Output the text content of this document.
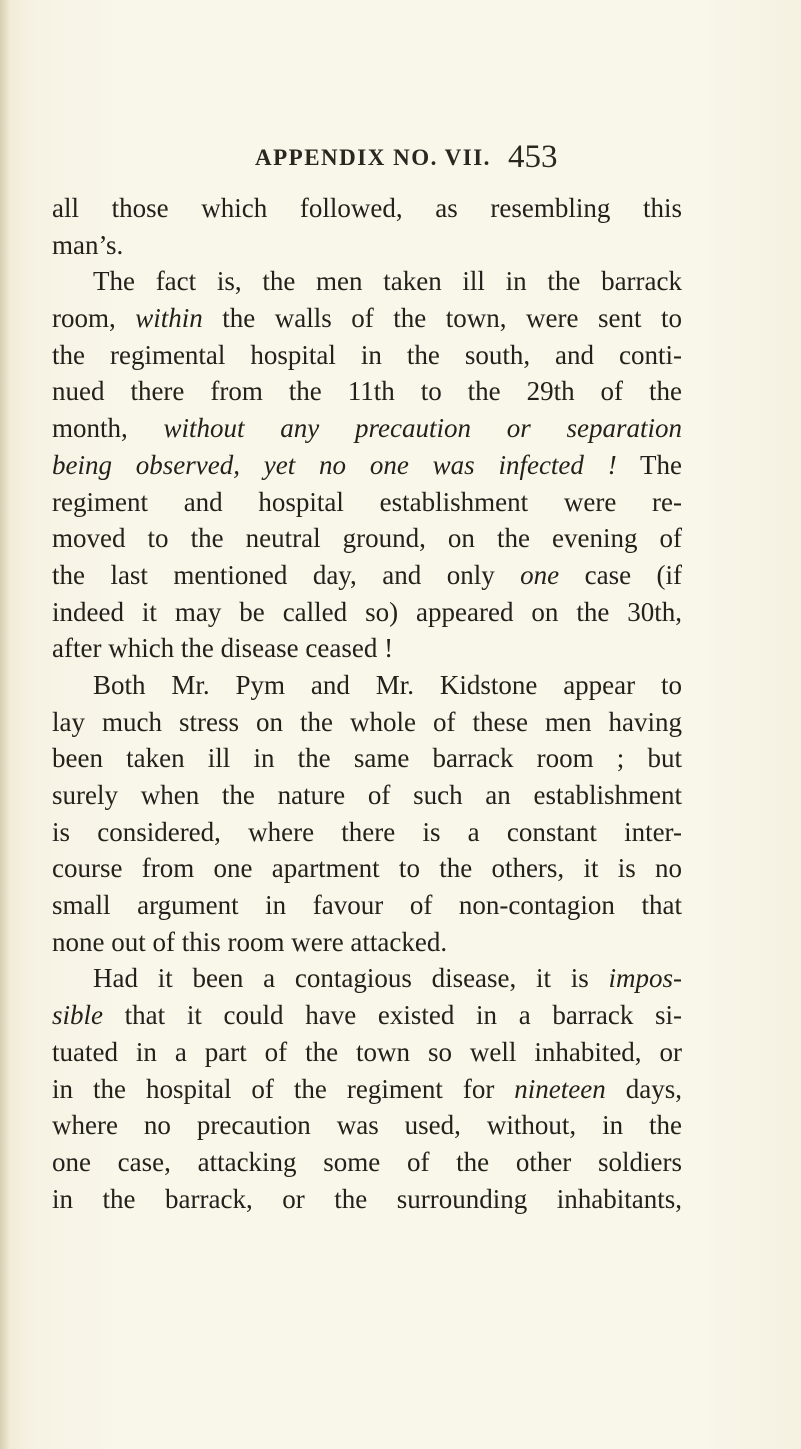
APPENDIX NO. VII. 453
all those which followed, as resembling this
man’s.
The fact is, the men taken ill in the barrack
room, within the walls of the town, were sent to
the regimental hospital in the south, and conti-
nued there from the 11th to the 29th of the
month, without any precaution or separation
being observed, yet no one was infected ! The
regiment and hospital establishment were re-
moved to the neutral ground, on the evening of
the last mentioned day, and only one case (if
indeed it may be called so) appeared on the 30th,
after which the disease ceased !
Both Mr. Pym and Mr. Kidstone appear to
lay much stress on the whole of these men having
been taken ill in the same barrack room ; but
surely when the nature of such an establishment
is considered, where there is a constant inter-
course from one apartment to the others, it is no
small argument in favour of non-contagion that
none out of this room were attacked.
Had it been a contagious disease, it is impos-
sible that it could have existed in a barrack si-
tuated in a part of the town so well inhabited, or
in the hospital of the regiment for nineteen days,
where no precaution was used, without, in the
one case, attacking some of the other soldiers
in the barrack, or the surrounding inhabitants,
